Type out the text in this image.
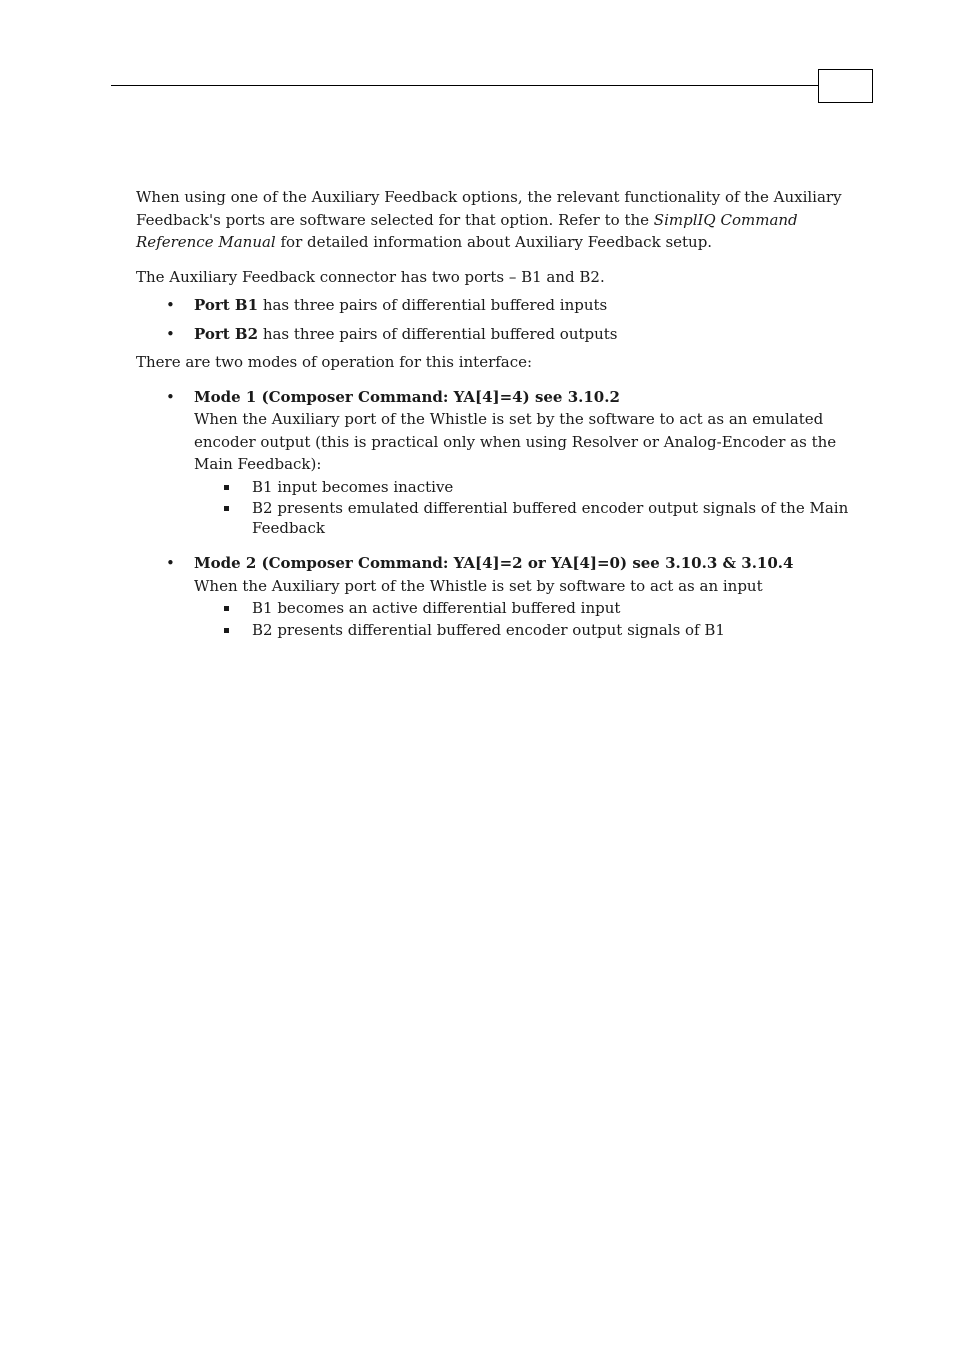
When using one of the Auxiliary Feedback options, the relevant functionality of the Auxiliary Feedback's ports are software selected for that option. Refer to the SimplIQ Command Reference Manual for detailed information about Auxiliary Feedback setup.

The Auxiliary Feedback connector has two ports – B1 and B2.

• Port B1 has three pairs of differential buffered inputs
• Port B2 has three pairs of differential buffered outputs

There are two modes of operation for this interface:

• Mode 1 (Composer Command: YA[4]=4) see 3.10.2
When the Auxiliary port of the Whistle is set by the software to act as an emulated encoder output (this is practical only when using Resolver or Analog-Encoder as the Main Feedback):
B1 input becomes inactive
B2 presents emulated differential buffered encoder output signals of the Main Feedback
• Mode 2 (Composer Command: YA[4]=2 or YA[4]=0) see 3.10.3 & 3.10.4
When the Auxiliary port of the Whistle is set by software to act as an input
B1 becomes an active differential buffered input
B2 presents differential buffered encoder output signals of B1
